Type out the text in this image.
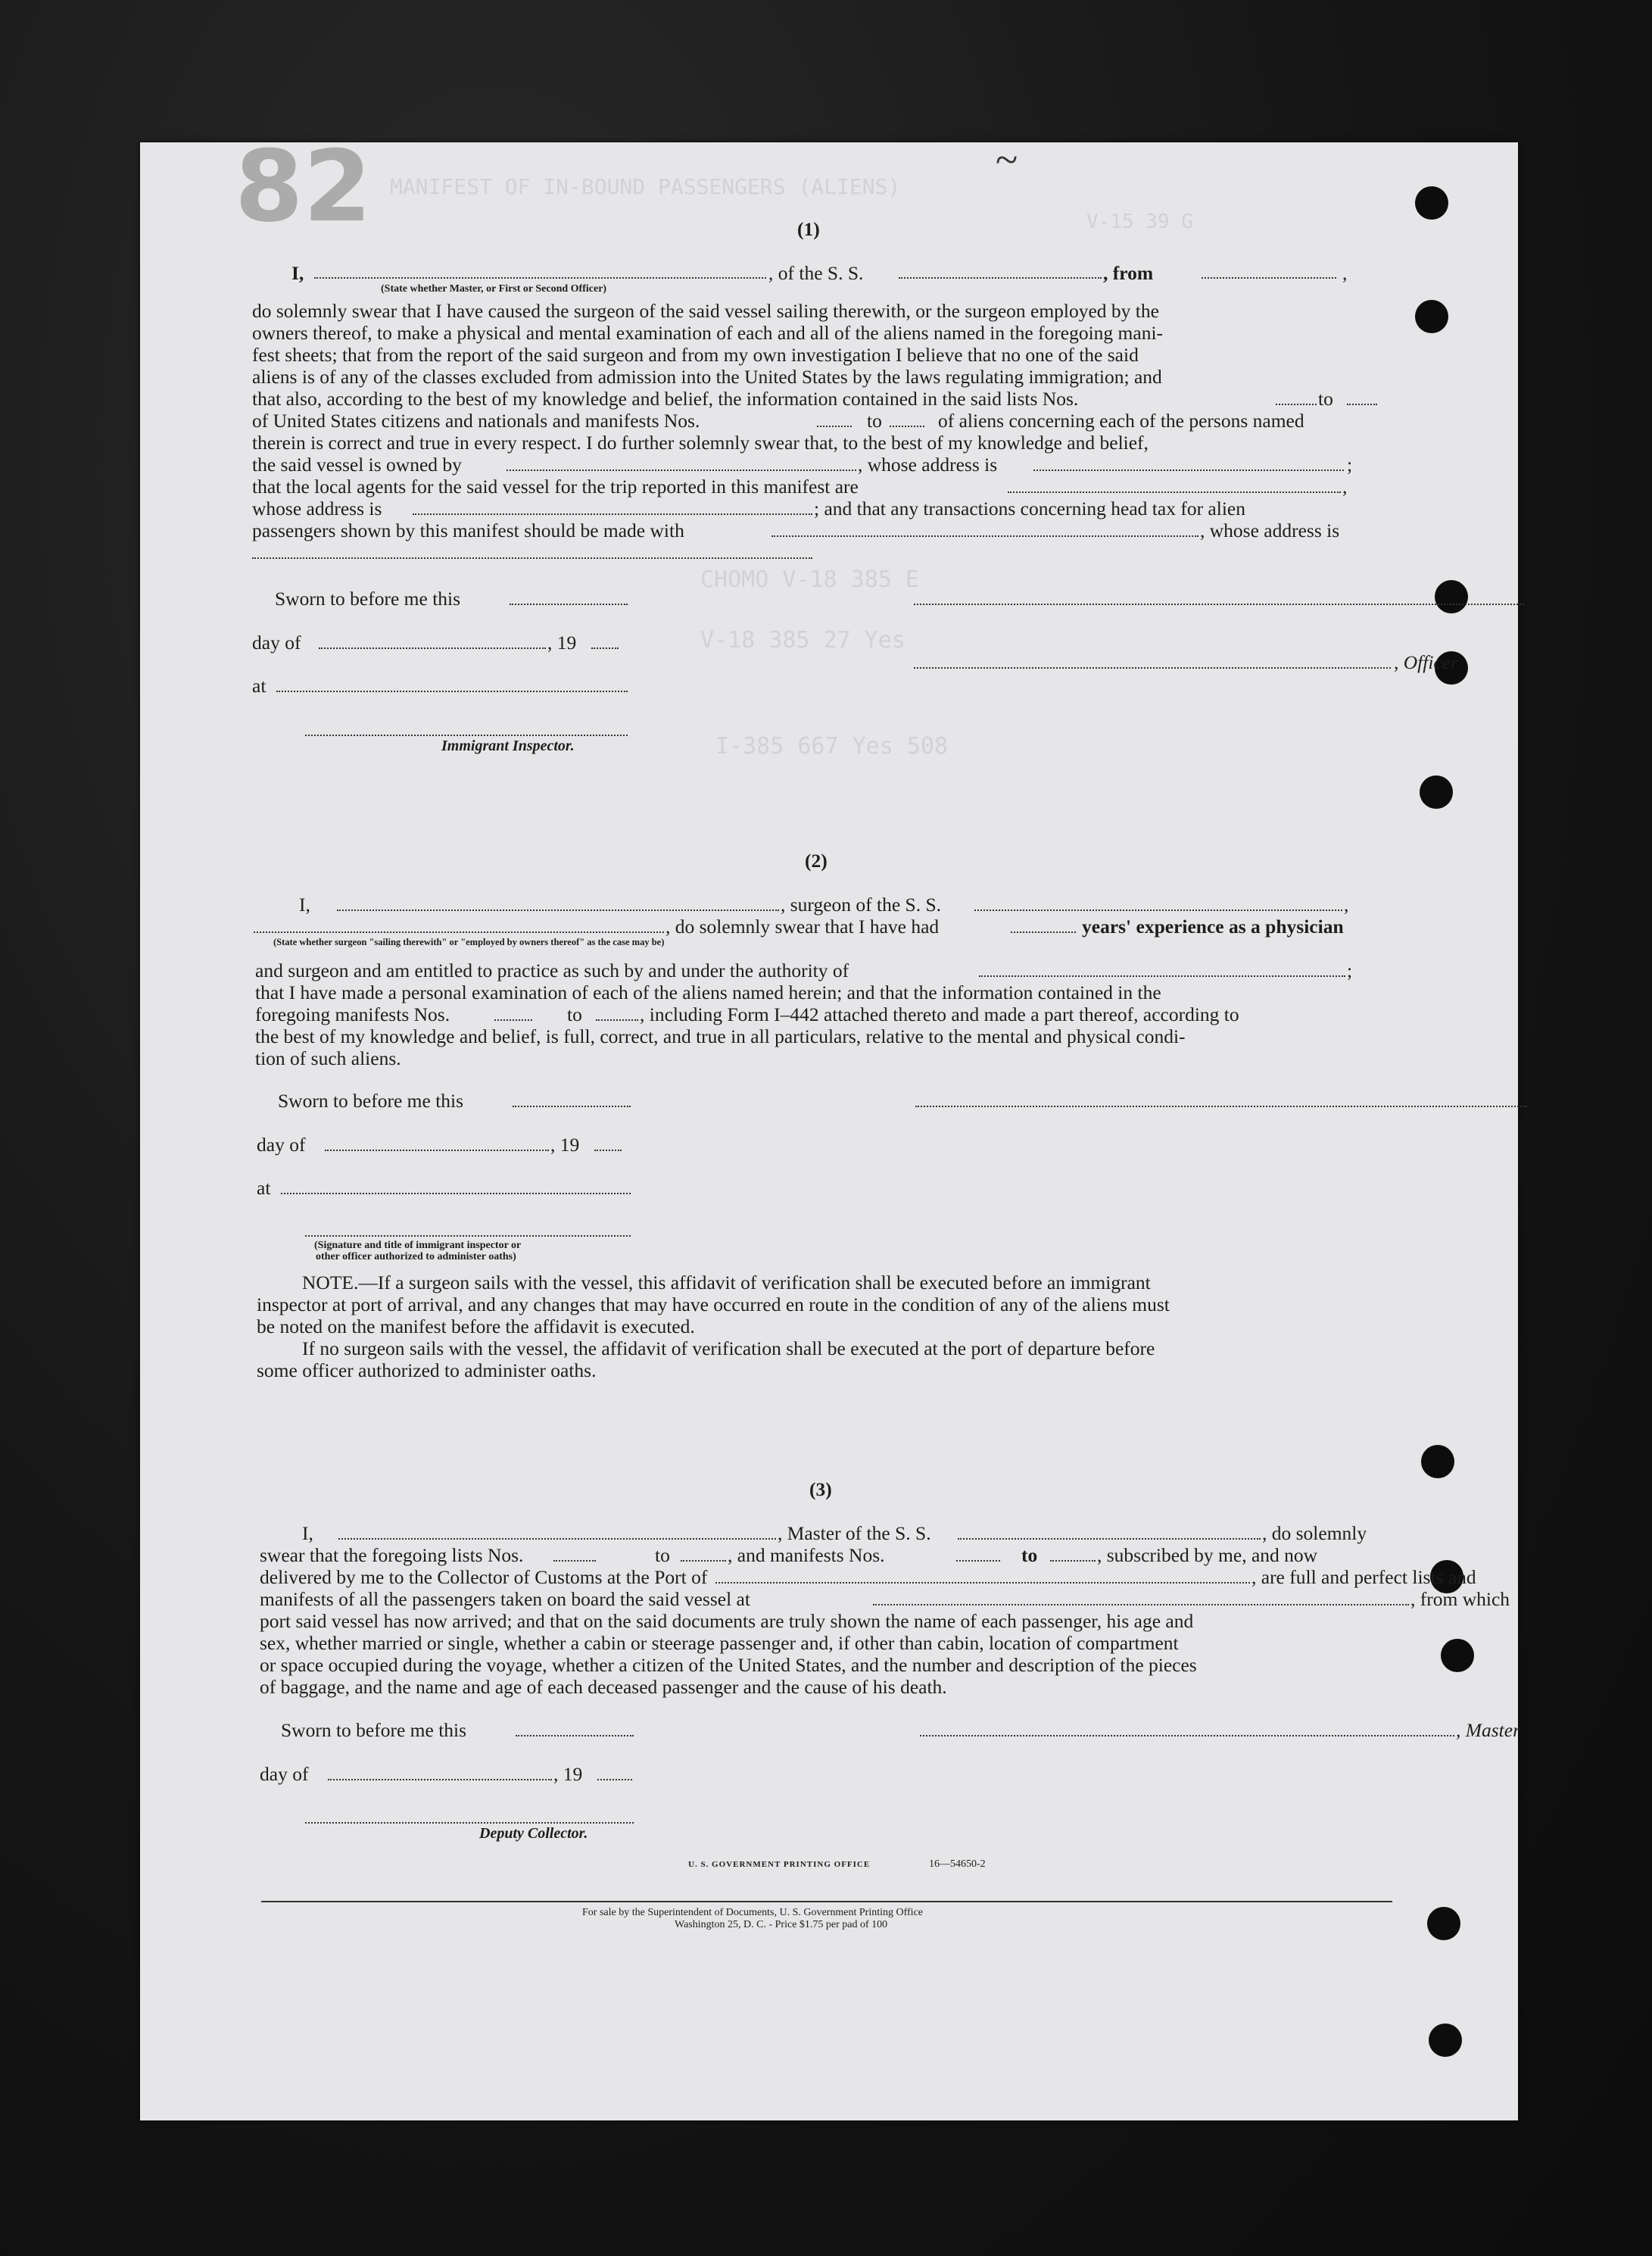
MANIFEST OF IN-BOUND PASSENGERS (ALIENS)
V-15 39 G
CHOMO V-18 385 E
V-18 385 27 Yes
I-385 667 Yes 508
82	~
(1)
I,	, of the S. S.	, from	,
(State whether Master, or First or Second Officer)
do solemnly swear that I have caused the surgeon of the said vessel sailing therewith, or the surgeon employed by the
owners thereof, to make a physical and mental examination of each and all of the aliens named in the foregoing mani-
fest sheets; that from the report of the said surgeon and from my own investigation I believe that no one of the said
aliens is of any of the classes excluded from admission into the United States by the laws regulating immigration; and
that also, according to the best of my knowledge and belief, the information contained in the said lists Nos.	to
of United States citizens and nationals and manifests Nos.	to	of aliens concerning each of the persons named
therein is correct and true in every respect. I do further solemnly swear that, to the best of my knowledge and belief,
the said vessel is owned by	, whose address is	;
that the local agents for the said vessel for the trip reported in this manifest are	,
whose address is	; and that any transactions concerning head tax for alien
passengers shown by this manifest should be made with	, whose address is
Sworn to before me this
day of	, 19
, Officer
at
Immigrant Inspector.
(2)
I,	, surgeon of the S. S.	,
, do solemnly swear that I have had	years' experience as a physician
(State whether surgeon "sailing therewith" or "employed by owners thereof" as the case may be)
and surgeon and am entitled to practice as such by and under the authority of	;
that I have made a personal examination of each of the aliens named herein; and that the information contained in the
foregoing manifests Nos.	to	, including Form I–442 attached thereto and made a part thereof, according to
the best of my knowledge and belief, is full, correct, and true in all particulars, relative to the mental and physical condi-
tion of such aliens.
Sworn to before me this
day of	, 19
at
(Signature and title of immigrant inspector or
other officer authorized to administer oaths)
NOTE.—If a surgeon sails with the vessel, this affidavit of verification shall be executed before an immigrant
inspector at port of arrival, and any changes that may have occurred en route in the condition of any of the aliens must
be noted on the manifest before the affidavit is executed.
If no surgeon sails with the vessel, the affidavit of verification shall be executed at the port of departure before
some officer authorized to administer oaths.
(3)
I,	, Master of the S. S.	, do solemnly
swear that the foregoing lists Nos.	to	, and manifests Nos.	to	, subscribed by me, and now
delivered by me to the Collector of Customs at the Port of	, are full and perfect lists and
manifests of all the passengers taken on board the said vessel at	, from which
port said vessel has now arrived; and that on the said documents are truly shown the name of each passenger, his age and
sex, whether married or single, whether a cabin or steerage passenger and, if other than cabin, location of compartment
or space occupied during the voyage, whether a citizen of the United States, and the number and description of the pieces
of baggage, and the name and age of each deceased passenger and the cause of his death.
Sworn to before me this	, Master
day of	, 19
Deputy Collector.
U. S. GOVERNMENT PRINTING OFFICE	16—54650-2
For sale by the Superintendent of Documents, U. S. Government Printing Office
Washington 25, D. C. - Price $1.75 per pad of 100
